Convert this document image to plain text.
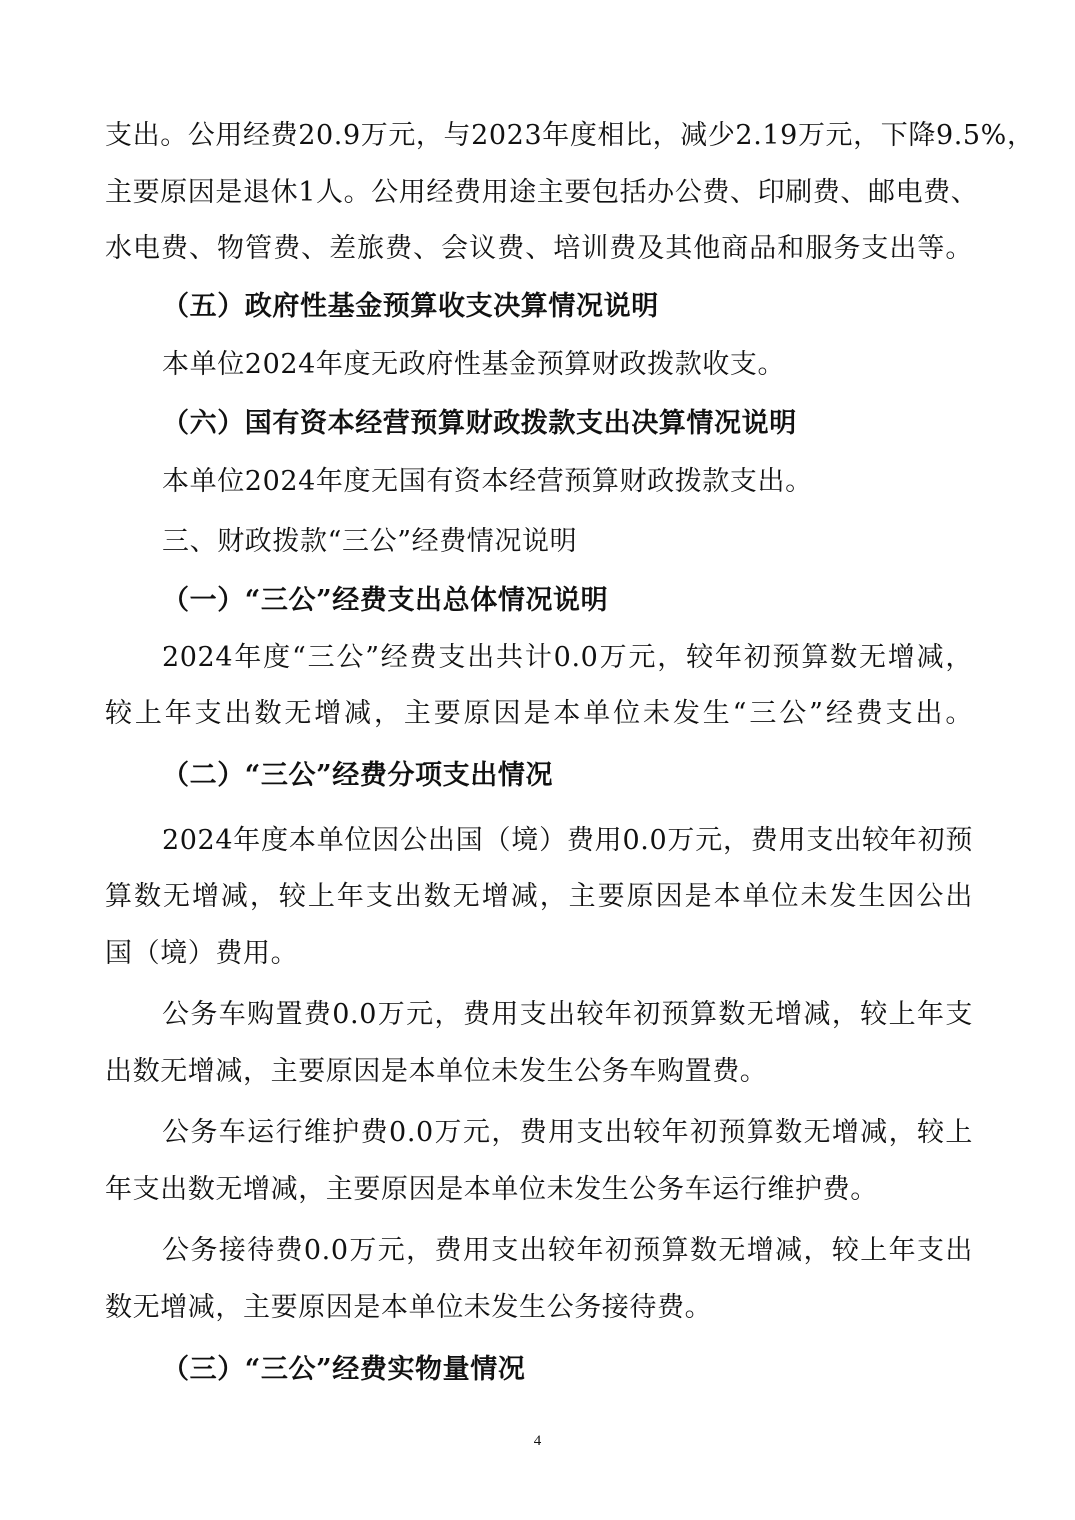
支出。公用经费20.9万元，与2023年度相比，减少2.19万元，下降9.5%，
主要原因是退休1人。公用经费用途主要包括办公费、印刷费、邮电费、
水电费、物管费、差旅费、会议费、培训费及其他商品和服务支出等。
（五）政府性基金预算收支决算情况说明
本单位2024年度无政府性基金预算财政拨款收支。
（六）国有资本经营预算财政拨款支出决算情况说明
本单位2024年度无国有资本经营预算财政拨款支出。
三、财政拨款“三公”经费情况说明
（一）“三公”经费支出总体情况说明
2024年度“三公”经费支出共计0.0万元，较年初预算数无增减，
较上年支出数无增减，主要原因是本单位未发生“三公”经费支出。
（二）“三公”经费分项支出情况
2024年度本单位因公出国（境）费用0.0万元，费用支出较年初预
算数无增减，较上年支出数无增减，主要原因是本单位未发生因公出
国（境）费用。
公务车购置费0.0万元，费用支出较年初预算数无增减，较上年支
出数无增减，主要原因是本单位未发生公务车购置费。
公务车运行维护费0.0万元，费用支出较年初预算数无增减，较上
年支出数无增减，主要原因是本单位未发生公务车运行维护费。
公务接待费0.0万元，费用支出较年初预算数无增减，较上年支出
数无增减，主要原因是本单位未发生公务接待费。
（三）“三公”经费实物量情况
4
